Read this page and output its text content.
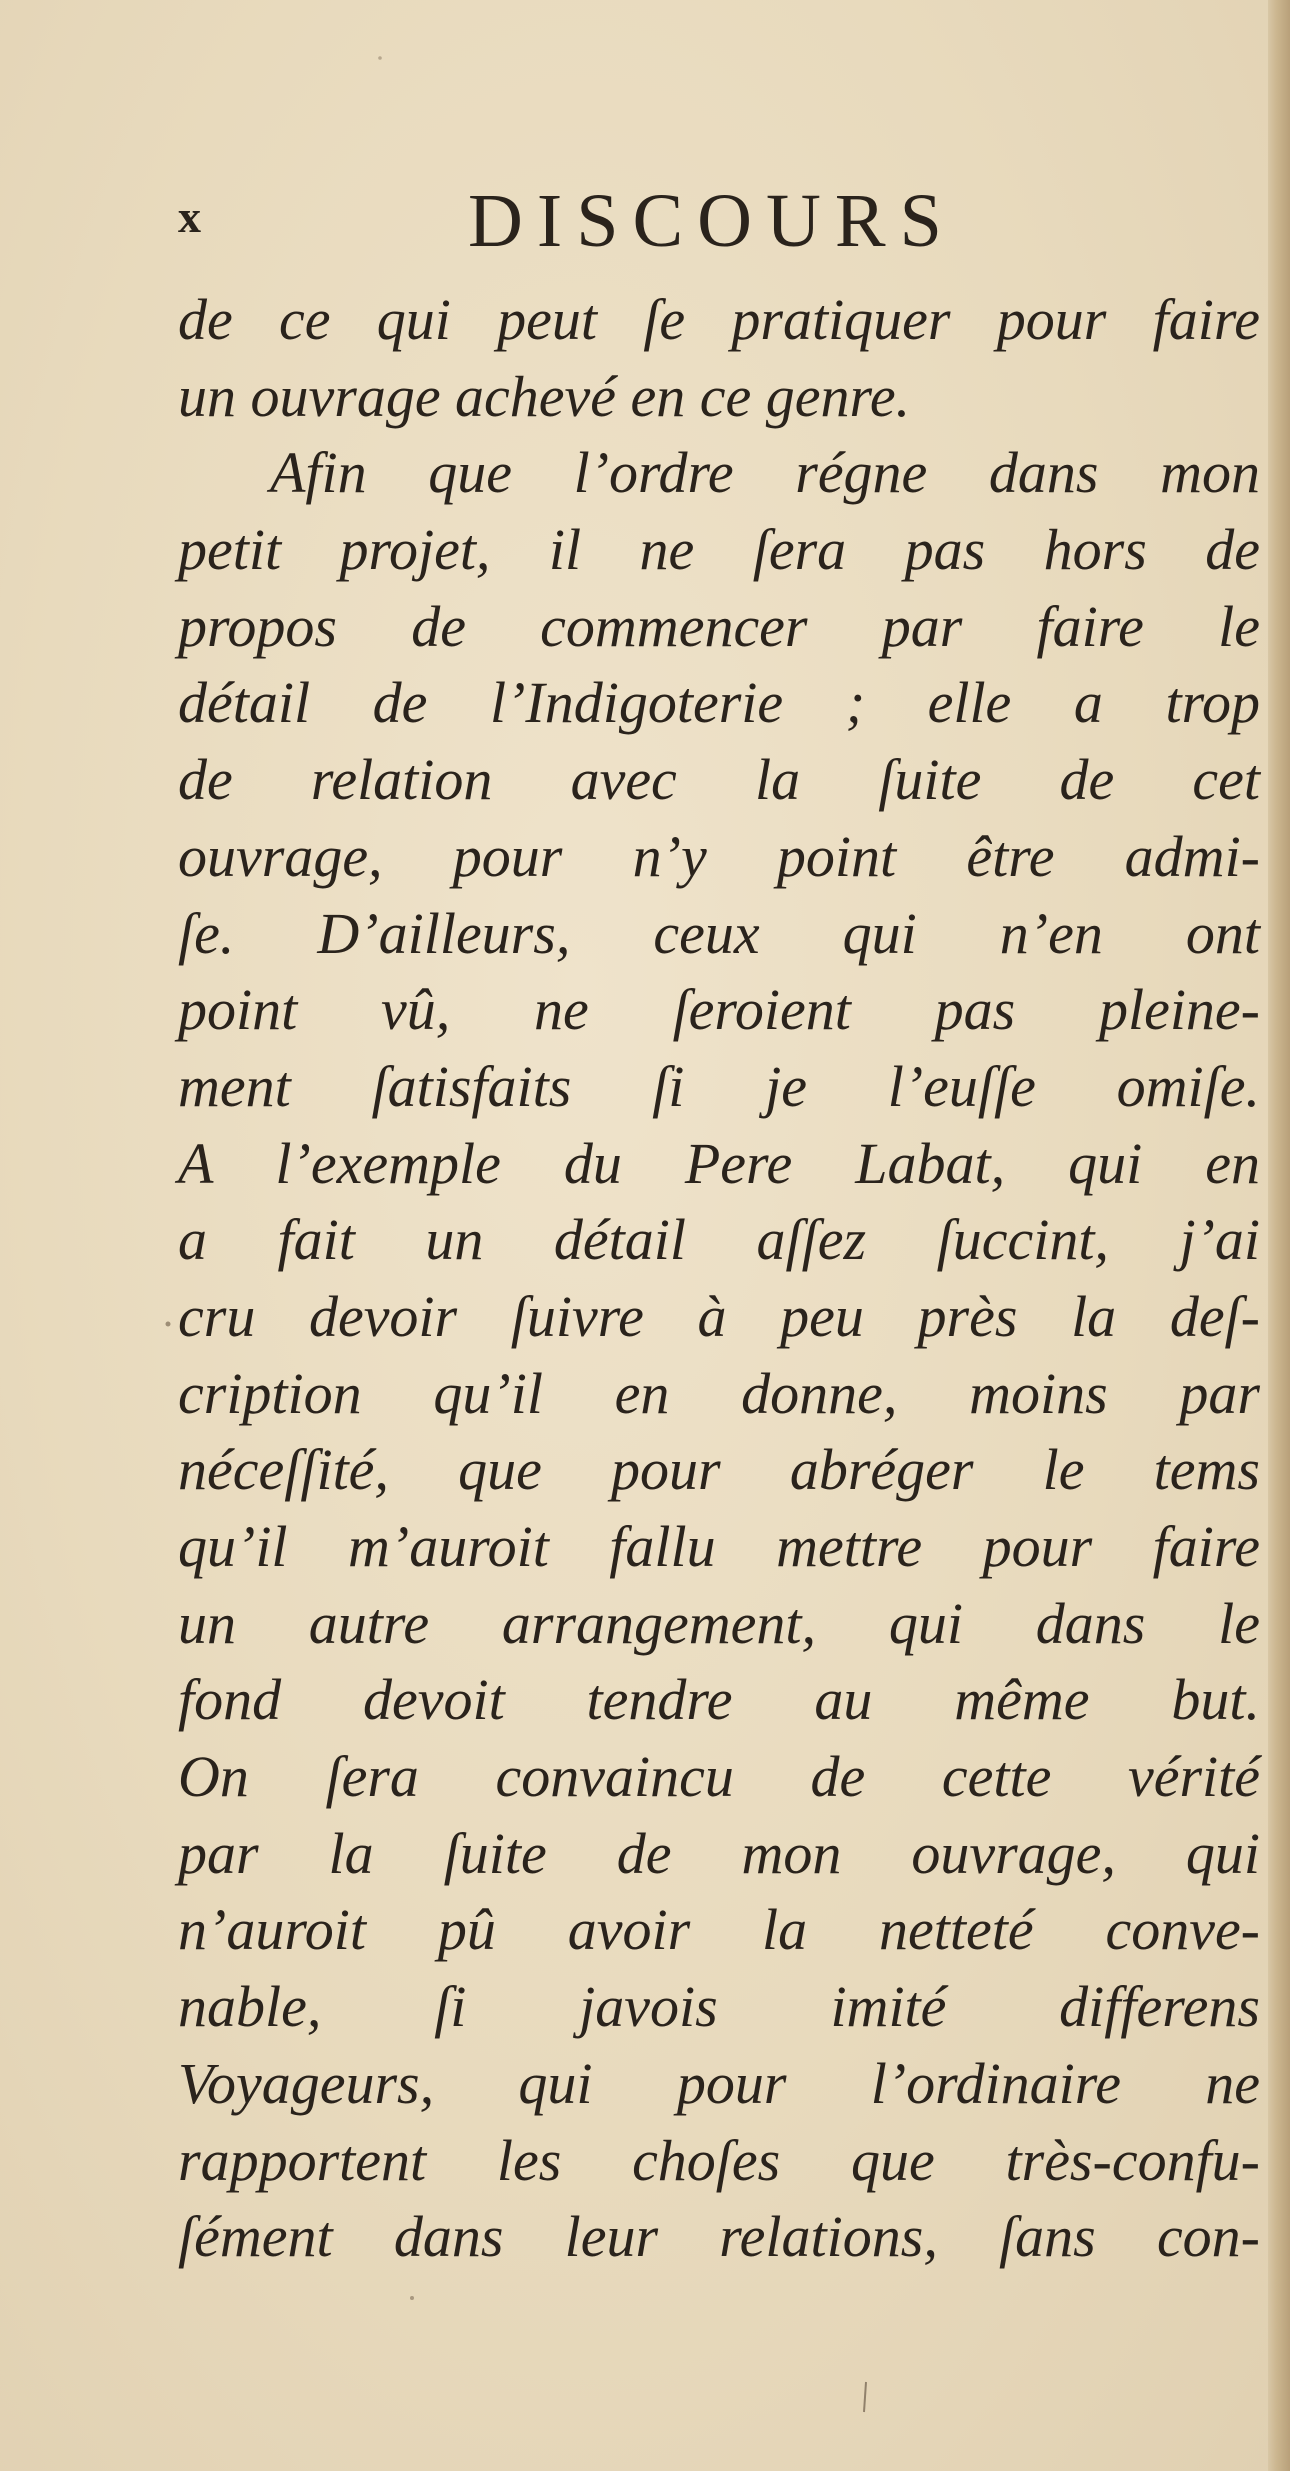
x	DISCOURS
de ce qui peut ſe pratiquer pour faire
un ouvrage achevé en ce genre.
Afin que l’ordre régne dans mon
petit projet, il ne ſera pas hors de
propos de commencer par faire le
détail de l’Indigoterie ; elle a trop
de relation avec la ſuite de cet
ouvrage, pour n’y point être admi-
ſe. D’ailleurs, ceux qui n’en ont
point vû, ne ſeroient pas pleine-
ment ſatisfaits ſi je l’euſſe omiſe.
A l’exemple du Pere Labat, qui en
a fait un détail aſſez ſuccint, j’ai
cru devoir ſuivre à peu près la deſ-
cription qu’il en donne, moins par
néceſſité, que pour abréger le tems
qu’il m’auroit fallu mettre pour faire
un autre arrangement, qui dans le
fond devoit tendre au même but.
On ſera convaincu de cette vérité
par la ſuite de mon ouvrage, qui
n’auroit pû avoir la netteté conve-
nable, ſi javois imité differens
Voyageurs, qui pour l’ordinaire ne
rapportent les choſes que très-confu-
ſément dans leur relations, ſans con-
